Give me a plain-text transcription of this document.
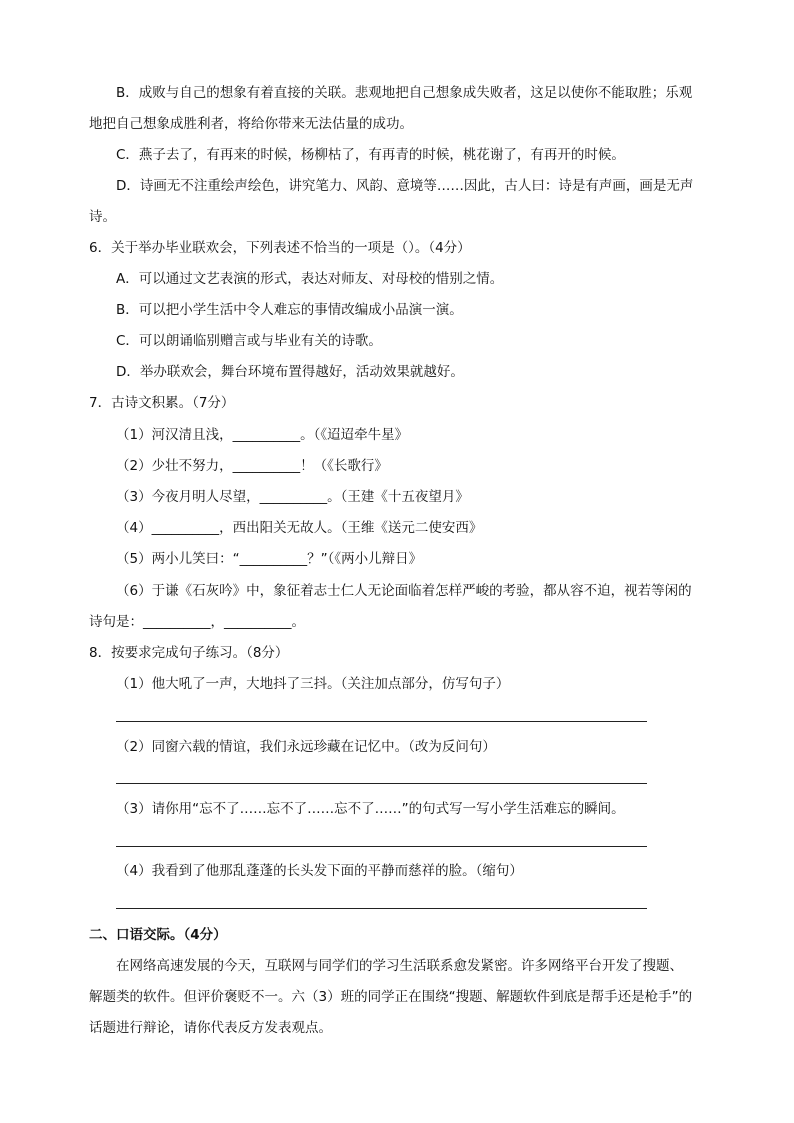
B．成败与自己的想象有着直接的关联。悲观地把自己想象成失败者，这足以使你不能取胜；乐观
地把自己想象成胜利者，将给你带来无法估量的成功。
C．燕子去了，有再来的时候，杨柳枯了，有再青的时候，桃花谢了，有再开的时候。
D．诗画无不注重绘声绘色，讲究笔力、风韵、意境等……因此，古人曰：诗是有声画，画是无声
诗。
6．关于举办毕业联欢会，下列表述不恰当的一项是（）。（4分）
A．可以通过文艺表演的形式，表达对师友、对母校的惜别之情。
B．可以把小学生活中令人难忘的事情改编成小品演一演。
C．可以朗诵临别赠言或与毕业有关的诗歌。
D．举办联欢会，舞台环境布置得越好，活动效果就越好。
7．古诗文积累。（7分）
（1）河汉清且浅，__________。（《迢迢牵牛星》
（2）少壮不努力，__________！（《长歌行》
（3）今夜月明人尽望，__________。（王建《十五夜望月》
（4）__________，西出阳关无故人。（王维《送元二使安西》
（5）两小儿笑曰：“__________？”（《两小儿辩日》
（6）于谦《石灰吟》中，象征着志士仁人无论面临着怎样严峻的考验，都从容不迫，视若等闲的
诗句是：__________，__________。
8．按要求完成句子练习。（8分）
（1）他大吼了一声，大地抖了三抖。（关注加点部分，仿写句子）
（2）同窗六载的情谊，我们永远珍藏在记忆中。（改为反问句）
（3）请你用“忘不了……忘不了……忘不了……”的句式写一写小学生活难忘的瞬间。
（4）我看到了他那乱蓬蓬的长头发下面的平静而慈祥的脸。（缩句）
二、口语交际。（4分）
在网络高速发展的今天，互联网与同学们的学习生活联系愈发紧密。许多网络平台开发了搜题、
解题类的软件。但评价褒贬不一。六（3）班的同学正在围绕“搜题、解题软件到底是帮手还是枪手”的
话题进行辩论，请你代表反方发表观点。
